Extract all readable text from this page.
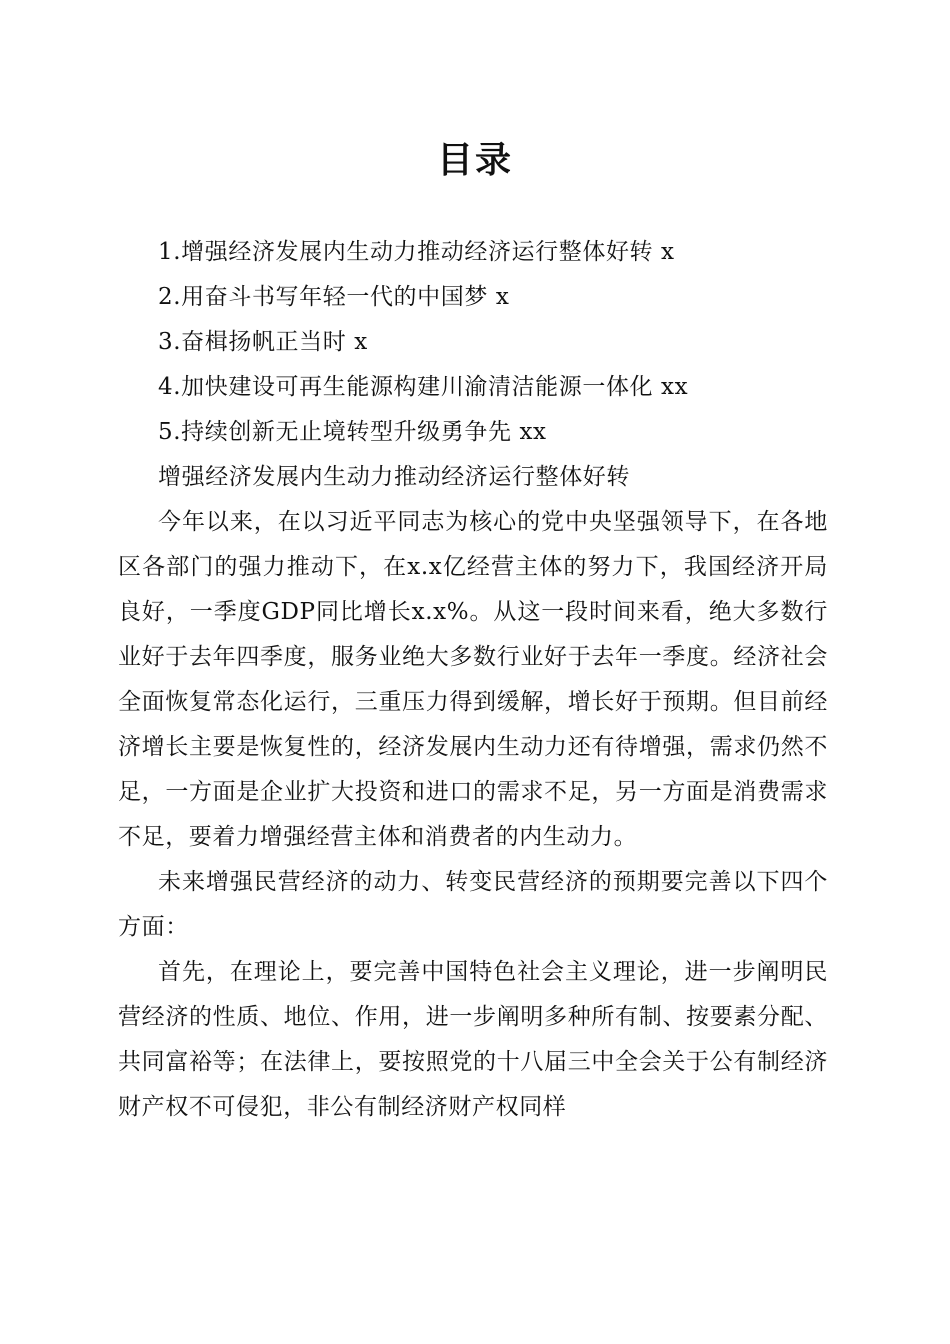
目录

1.增强经济发展内生动力推动经济运行整体好转 x

2.用奋斗书写年轻一代的中国梦 x

3.奋楫扬帆正当时 x

4.加快建设可再生能源构建川渝清洁能源一体化 xx

5.持续创新无止境转型升级勇争先 xx

增强经济发展内生动力推动经济运行整体好转

今年以来，在以习近平同志为核心的党中央坚强领导下，在各地区各部门的强力推动下，在x.x亿经营主体的努力下，我国经济开局良好，一季度GDP同比增长x.x%。从这一段时间来看，绝大多数行业好于去年四季度，服务业绝大多数行业好于去年一季度。经济社会全面恢复常态化运行，三重压力得到缓解，增长好于预期。但目前经济增长主要是恢复性的，经济发展内生动力还有待增强，需求仍然不足，一方面是企业扩大投资和进口的需求不足，另一方面是消费需求不足，要着力增强经营主体和消费者的内生动力。

未来增强民营经济的动力、转变民营经济的预期要完善以下四个方面：

首先，在理论上，要完善中国特色社会主义理论，进一步阐明民营经济的性质、地位、作用，进一步阐明多种所有制、按要素分配、共同富裕等；在法律上，要按照党的十八届三中全会关于公有制经济财产权不可侵犯，非公有制经济财产权同样
